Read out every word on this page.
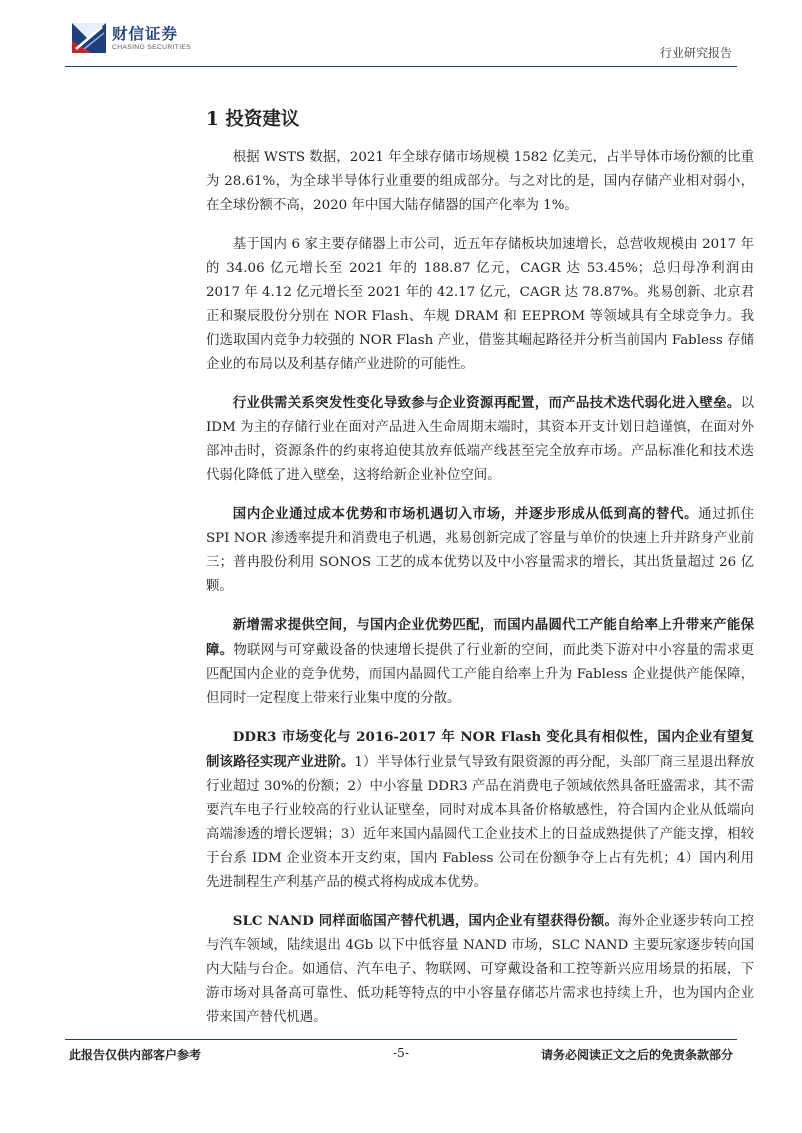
财信证券
CHASING SECURITIES	行业研究报告
1 投资建议

根据 WSTS 数据，2021 年全球存储市场规模 1582 亿美元，占半导体市场份额的比重为 28.61%，为全球半导体行业重要的组成部分。与之对比的是，国内存储产业相对弱小，在全球份额不高，2020 年中国大陆存储器的国产化率为 1%。

基于国内 6 家主要存储器上市公司，近五年存储板块加速增长，总营收规模由 2017 年的 34.06 亿元增长至 2021 年的 188.87 亿元，CAGR 达 53.45%；总归母净利润由 2017 年 4.12 亿元增长至 2021 年的 42.17 亿元，CAGR 达 78.87%。兆易创新、北京君正和聚辰股份分别在 NOR Flash、车规 DRAM 和 EEPROM 等领域具有全球竞争力。我们选取国内竞争力较强的 NOR Flash 产业，借鉴其崛起路径并分析当前国内 Fabless 存储企业的布局以及利基存储产业进阶的可能性。

行业供需关系突发性变化导致参与企业资源再配置，而产品技术迭代弱化进入壁垒。以 IDM 为主的存储行业在面对产品进入生命周期末端时，其资本开支计划日趋谨慎，在面对外部冲击时，资源条件的约束将迫使其放弃低端产线甚至完全放弃市场。产品标准化和技术迭代弱化降低了进入壁垒，这将给新企业补位空间。

国内企业通过成本优势和市场机遇切入市场，并逐步形成从低到高的替代。通过抓住 SPI NOR 渗透率提升和消费电子机遇，兆易创新完成了容量与单价的快速上升并跻身产业前三；普冉股份利用 SONOS 工艺的成本优势以及中小容量需求的增长，其出货量超过 26 亿颗。

新增需求提供空间，与国内企业优势匹配，而国内晶圆代工产能自给率上升带来产能保障。物联网与可穿戴设备的快速增长提供了行业新的空间，而此类下游对中小容量的需求更匹配国内企业的竞争优势，而国内晶圆代工产能自给率上升为 Fabless 企业提供产能保障，但同时一定程度上带来行业集中度的分散。

DDR3 市场变化与 2016-2017 年 NOR Flash 变化具有相似性，国内企业有望复制该路径实现产业进阶。1）半导体行业景气导致有限资源的再分配，头部厂商三星退出释放行业超过 30%的份额；2）中小容量 DDR3 产品在消费电子领域依然具备旺盛需求，其不需要汽车电子行业较高的行业认证壁垒，同时对成本具备价格敏感性，符合国内企业从低端向高端渗透的增长逻辑；3）近年来国内晶圆代工企业技术上的日益成熟提供了产能支撑，相较于台系 IDM 企业资本开支约束，国内 Fabless 公司在份额争夺上占有先机；4）国内利用先进制程生产利基产品的模式将构成成本优势。

SLC NAND 同样面临国产替代机遇，国内企业有望获得份额。海外企业逐步转向工控与汽车领域，陆续退出 4Gb 以下中低容量 NAND 市场，SLC NAND 主要玩家逐步转向国内大陆与台企。如通信、汽车电子、物联网、可穿戴设备和工控等新兴应用场景的拓展，下游市场对具备高可靠性、低功耗等特点的中小容量存储芯片需求也持续上升，也为国内企业带来国产替代机遇。

此报告仅供内部客户参考	-5-	请务必阅读正文之后的免责条款部分
